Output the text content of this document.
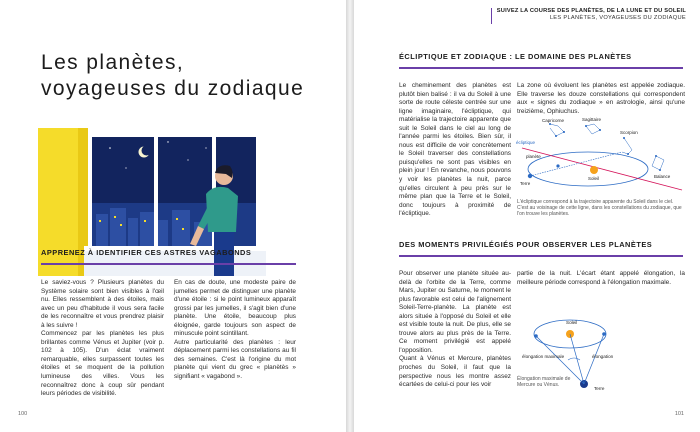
Les planètes,
voyageuses du zodiaque
APPRENEZ À IDENTIFIER CES ASTRES VAGABONDS

Le saviez-vous ? Plusieurs planètes du Système solaire sont bien visibles à l'œil nu. Elles ressemblent à des étoiles, mais avec un peu d'habitude il vous sera facile de les reconnaître et vous prendrez plaisir à les suivre !

Commencez par les planètes les plus brillantes comme Vénus et Jupiter (voir p. 102 à 105). D'un éclat vraiment remarquable, elles surpassent toutes les étoiles et se moquent de la pollution lumineuse des villes. Vous les reconnaîtrez donc à coup sûr pendant leurs périodes de visibilité.

En cas de doute, une modeste paire de jumelles permet de distinguer une planète d'une étoile : si le point lumineux apparaît grossi par les jumelles, il s'agit bien d'une planète. Une étoile, beaucoup plus éloignée, garde toujours son aspect de minuscule point scintillant.

Autre particularité des planètes : leur déplacement parmi les constellations au fil des semaines. C'est là l'origine du mot planète qui vient du grec « planètès » signifiant « vagabond ».

100
SUIVEZ LA COURSE DES PLANÈTES, DE LA LUNE ET DU SOLEIL
LES PLANÈTES, VOYAGEUSES DU ZODIAQUE
ÉCLIPTIQUE ET ZODIAQUE : LE DOMAINE DES PLANÈTES

Le cheminement des planètes est plutôt bien balisé : il va du Soleil à une sorte de route céleste centrée sur une ligne imaginaire, l'écliptique, qui matérialise la trajectoire apparente que suit le Soleil dans le ciel au long de l'année parmi les étoiles. Bien sûr, il nous est difficile de voir concrètement le Soleil traverser des constellations puisqu'elles ne sont pas visibles en plein jour ! En revanche, nous pouvons y voir les planètes la nuit, parce qu'elles circulent à peu près sur le même plan que la Terre et le Soleil, donc toujours à proximité de l'écliptique.

La zone où évoluent les planètes est appelée zodiaque. Elle traverse les douze constellations qui correspondent aux « signes du zodiaque » en astrologie, ainsi qu'une treizième, Ophiuchus.

Capricorne	Sagittaire
Scorpion
écliptique
planète
Terre
Soleil	Balance
L'écliptique correspond à la trajectoire apparente du Soleil dans le ciel. C'est au voisinage de cette ligne, dans les constellations du zodiaque, que l'on trouve les planètes.
DES MOMENTS PRIVILÉGIÉS POUR OBSERVER LES PLANÈTES

Pour observer une planète située au-delà de l'orbite de la Terre, comme Mars, Jupiter ou Saturne, le moment le plus favorable est celui de l'alignement Soleil-Terre-planète. La planète est alors située à l'opposé du Soleil et elle est visible toute la nuit. De plus, elle se trouve alors au plus près de la Terre. Ce moment privilégié est appelé l'opposition.

Quant à Vénus et Mercure, planètes proches du Soleil, il faut que la perspective nous les montre assez écartées de celui-ci pour les voir

partie de la nuit. L'écart étant appelé élongation, la meilleure période correspond à l'élongation maximale.

Soleil
élongation maximale	élongation
Terre
Élongation maximale de Mercure ou Vénus.
101
